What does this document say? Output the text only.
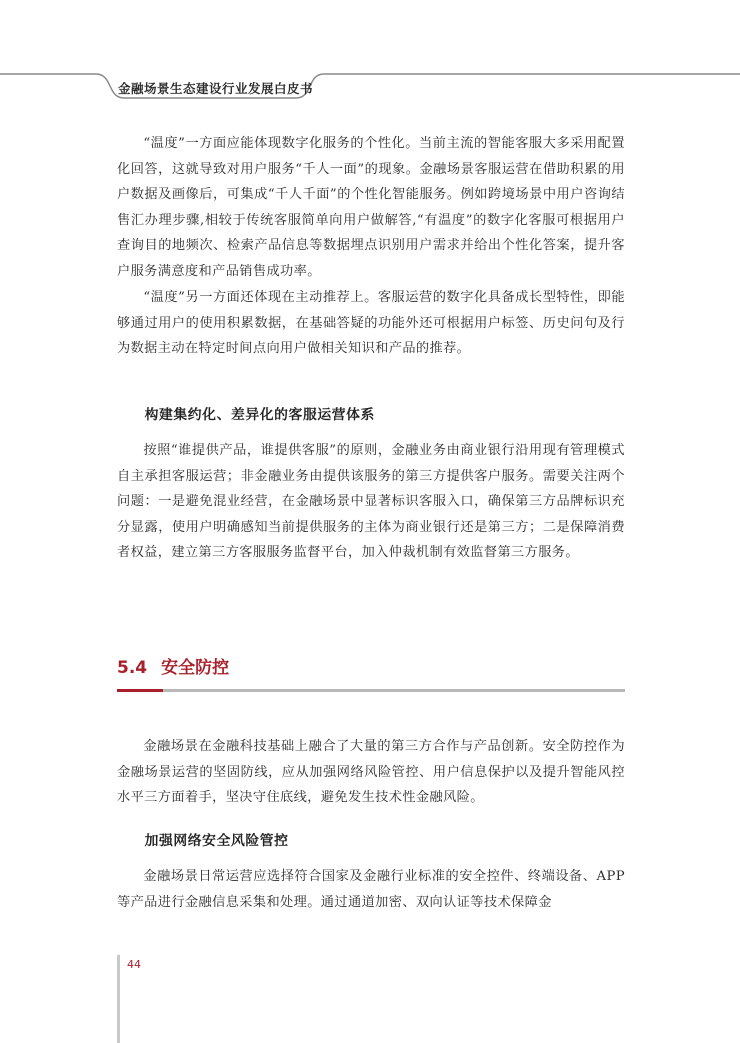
金融场景生态建设行业发展白皮书

“温度”一方面应能体现数字化服务的个性化。当前主流的智能客服大多采用配置化回答，这就导致对用户服务“千人一面”的现象。金融场景客服运营在借助积累的用户数据及画像后，可集成“千人千面”的个性化智能服务。例如跨境场景中用户咨询结售汇办理步骤,相较于传统客服简单向用户做解答,“有温度”的数字化客服可根据用户查询目的地频次、检索产品信息等数据埋点识别用户需求并给出个性化答案，提升客户服务满意度和产品销售成功率。

“温度”另一方面还体现在主动推荐上。客服运营的数字化具备成长型特性，即能够通过用户的使用积累数据，在基础答疑的功能外还可根据用户标签、历史问句及行为数据主动在特定时间点向用户做相关知识和产品的推荐。

构建集约化、差异化的客服运营体系

按照“谁提供产品，谁提供客服”的原则，金融业务由商业银行沿用现有管理模式自主承担客服运营；非金融业务由提供该服务的第三方提供客户服务。需要关注两个问题：一是避免混业经营，在金融场景中显著标识客服入口，确保第三方品牌标识充分显露，使用户明确感知当前提供服务的主体为商业银行还是第三方；二是保障消费者权益，建立第三方客服服务监督平台，加入仲裁机制有效监督第三方服务。

5.4 安全防控

金融场景在金融科技基础上融合了大量的第三方合作与产品创新。安全防控作为金融场景运营的坚固防线，应从加强网络风险管控、用户信息保护以及提升智能风控水平三方面着手，坚决守住底线，避免发生技术性金融风险。

加强网络安全风险管控

金融场景日常运营应选择符合国家及金融行业标准的安全控件、终端设备、APP 等产品进行金融信息采集和处理。通过通道加密、双向认证等技术保障金

44
